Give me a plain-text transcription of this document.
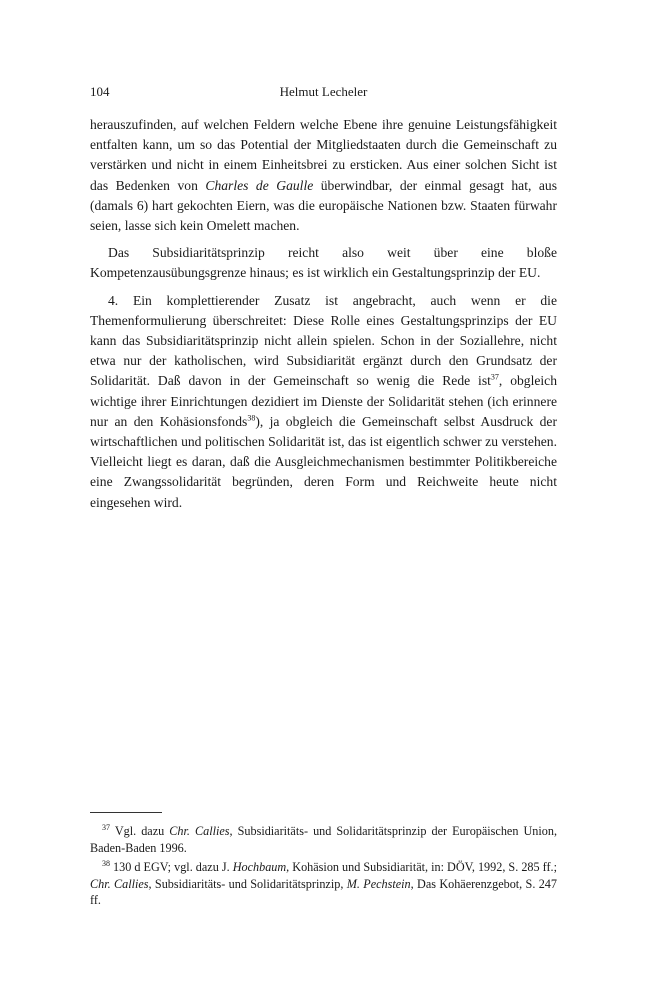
104	Helmut Lecheler

herauszufinden, auf welchen Feldern welche Ebene ihre genuine Leistungsfähigkeit entfalten kann, um so das Potential der Mitgliedstaaten durch die Gemeinschaft zu verstärken und nicht in einem Einheitsbrei zu ersticken. Aus einer solchen Sicht ist das Bedenken von Charles de Gaulle überwindbar, der einmal gesagt hat, aus (damals 6) hart gekochten Eiern, was die europäische Nationen bzw. Staaten fürwahr seien, lasse sich kein Omelett machen.

Das Subsidiaritätsprinzip reicht also weit über eine bloße Kompetenzausübungsgrenze hinaus; es ist wirklich ein Gestaltungsprinzip der EU.

4. Ein komplettierender Zusatz ist angebracht, auch wenn er die Themenformulierung überschreitet: Diese Rolle eines Gestaltungsprinzips der EU kann das Subsidiaritätsprinzip nicht allein spielen. Schon in der Soziallehre, nicht etwa nur der katholischen, wird Subsidiarität ergänzt durch den Grundsatz der Solidarität. Daß davon in der Gemeinschaft so wenig die Rede ist$^{37}$, obgleich wichtige ihrer Einrichtungen dezidiert im Dienste der Solidarität stehen (ich erinnere nur an den Kohäsionsfonds$^{38}$), ja obgleich die Gemeinschaft selbst Ausdruck der wirtschaftlichen und politischen Solidarität ist, das ist eigentlich schwer zu verstehen. Vielleicht liegt es daran, daß die Ausgleichmechanismen bestimmter Politikbereiche eine Zwangssolidarität begründen, deren Form und Reichweite heute nicht eingesehen wird.

$^{37}$ Vgl. dazu Chr. Callies, Subsidiaritäts- und Solidaritätsprinzip der Europäischen Union, Baden-Baden 1996.
$^{38}$ 130 d EGV; vgl. dazu J. Hochbaum, Kohäsion und Subsidiarität, in: DÖV, 1992, S. 285 ff.; Chr. Callies, Subsidiaritäts- und Solidaritätsprinzip, M. Pechstein, Das Kohäerenzgebot, S. 247 ff.
